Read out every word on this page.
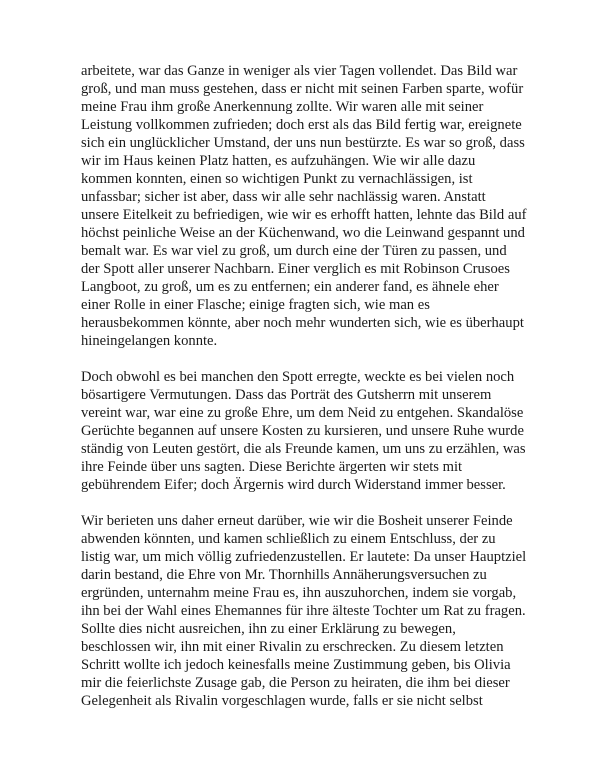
arbeitete, war das Ganze in weniger als vier Tagen vollendet. Das Bild war
groß, und man muss gestehen, dass er nicht mit seinen Farben sparte, wofür
meine Frau ihm große Anerkennung zollte. Wir waren alle mit seiner
Leistung vollkommen zufrieden; doch erst als das Bild fertig war, ereignete
sich ein unglücklicher Umstand, der uns nun bestürzte. Es war so groß, dass
wir im Haus keinen Platz hatten, es aufzuhängen. Wie wir alle dazu
kommen konnten, einen so wichtigen Punkt zu vernachlässigen, ist
unfassbar; sicher ist aber, dass wir alle sehr nachlässig waren. Anstatt
unsere Eitelkeit zu befriedigen, wie wir es erhofft hatten, lehnte das Bild auf
höchst peinliche Weise an der Küchenwand, wo die Leinwand gespannt und
bemalt war. Es war viel zu groß, um durch eine der Türen zu passen, und
der Spott aller unserer Nachbarn. Einer verglich es mit Robinson Crusoes
Langboot, zu groß, um es zu entfernen; ein anderer fand, es ähnele eher
einer Rolle in einer Flasche; einige fragten sich, wie man es
herausbekommen könnte, aber noch mehr wunderten sich, wie es überhaupt
hineingelangen konnte.
Doch obwohl es bei manchen den Spott erregte, weckte es bei vielen noch
bösartigere Vermutungen. Dass das Porträt des Gutsherrn mit unserem
vereint war, war eine zu große Ehre, um dem Neid zu entgehen. Skandalöse
Gerüchte begannen auf unsere Kosten zu kursieren, und unsere Ruhe wurde
ständig von Leuten gestört, die als Freunde kamen, um uns zu erzählen, was
ihre Feinde über uns sagten. Diese Berichte ärgerten wir stets mit
gebührendem Eifer; doch Ärgernis wird durch Widerstand immer besser.
Wir berieten uns daher erneut darüber, wie wir die Bosheit unserer Feinde
abwenden könnten, und kamen schließlich zu einem Entschluss, der zu
listig war, um mich völlig zufriedenzustellen. Er lautete: Da unser Hauptziel
darin bestand, die Ehre von Mr. Thornhills Annäherungsversuchen zu
ergründen, unternahm meine Frau es, ihn auszuhorchen, indem sie vorgab,
ihn bei der Wahl eines Ehemannes für ihre älteste Tochter um Rat zu fragen.
Sollte dies nicht ausreichen, ihn zu einer Erklärung zu bewegen,
beschlossen wir, ihn mit einer Rivalin zu erschrecken. Zu diesem letzten
Schritt wollte ich jedoch keinesfalls meine Zustimmung geben, bis Olivia
mir die feierlichste Zusage gab, die Person zu heiraten, die ihm bei dieser
Gelegenheit als Rivalin vorgeschlagen wurde, falls er sie nicht selbst
